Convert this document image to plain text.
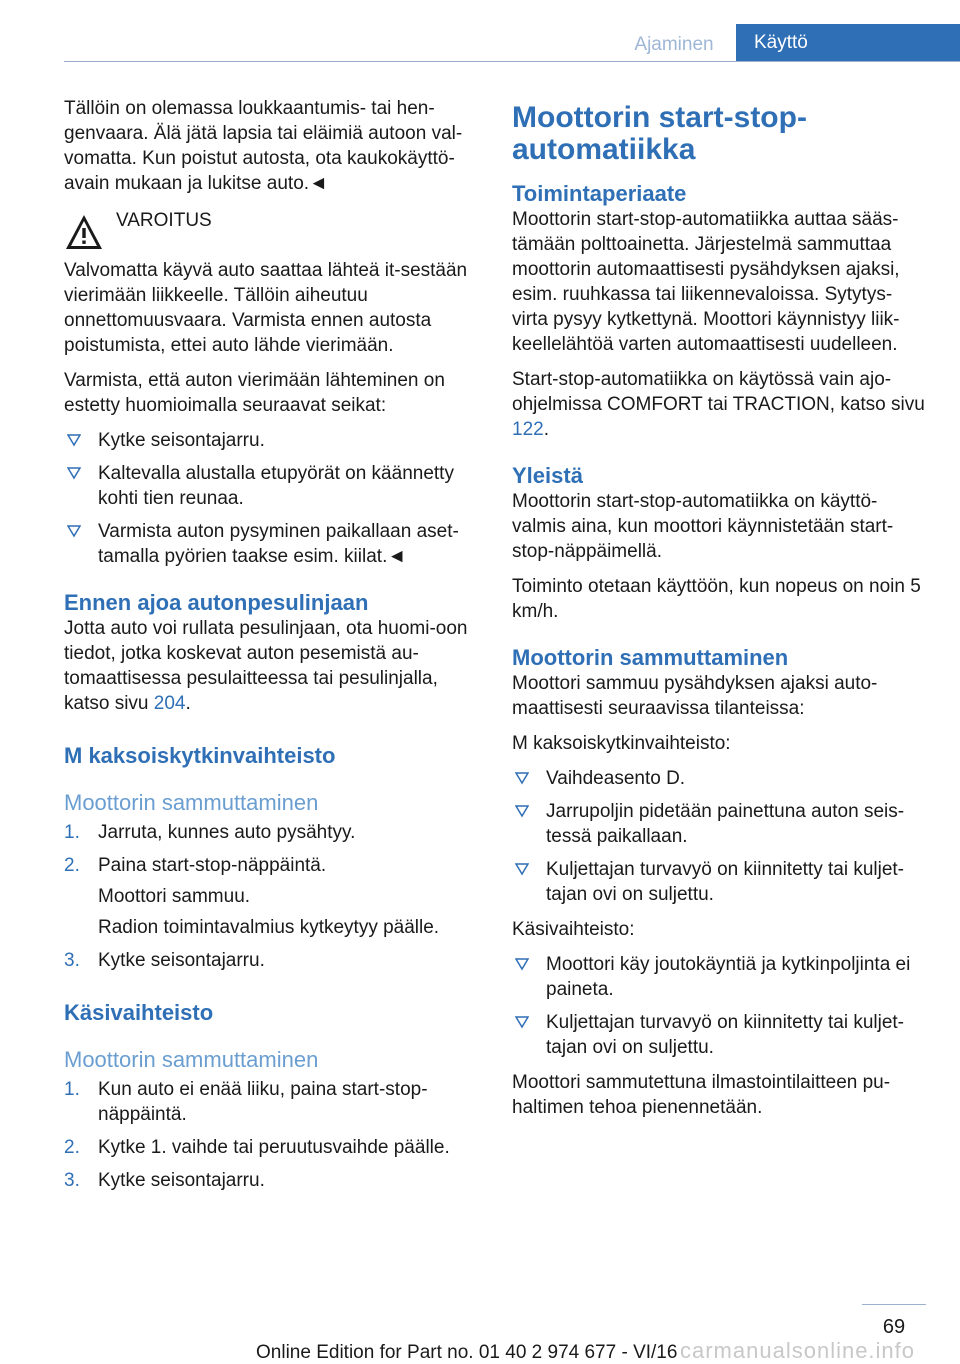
Ajaminen	Käyttö

Tällöin on olemassa loukkaantumis- tai hen-genvaara. Älä jätä lapsia tai eläimiä autoon val-vomatta. Kun poistut autosta, ota kaukokäyttö-avain mukaan ja lukitse auto.◄

VAROITUS

Valvomatta käyvä auto saattaa lähteä it-sestään vierimään liikkeelle. Tällöin aiheutuu onnettomuusvaara. Varmista ennen autosta poistumista, ettei auto lähde vierimään.

Varmista, että auton vierimään lähteminen on estetty huomioimalla seuraavat seikat:

Kytke seisontajarru.
Kaltevalla alustalla etupyörät on käännetty kohti tien reunaa.
Varmista auton pysyminen paikallaan aset-tamalla pyörien taakse esim. kiilat.◄
Ennen ajoa autonpesulinjaan

Jotta auto voi rullata pesulinjaan, ota huomi-oon tiedot, jotka koskevat auton pesemistä au-tomaattisessa pesulaitteessa tai pesulinjalla, katso sivu 204.

M kaksoiskytkinvaihteisto
Moottorin sammuttaminen
1. Jarruta, kunnes auto pysähtyy.
2. Paina start-stop-näppäintä.
Moottori sammuu.
Radion toimintavalmius kytkeytyy päälle.
3. Kytke seisontajarru.
Käsivaihteisto
Moottorin sammuttaminen
1. Kun auto ei enää liiku, paina start-stop-näppäintä.
2. Kytke 1. vaihde tai peruutusvaihde päälle.
3. Kytke seisontajarru.
Moottorin start-stop-automatiikka
Toimintaperiaate

Moottorin start-stop-automatiikka auttaa sääs-tämään polttoainetta. Järjestelmä sammuttaa moottorin automaattisesti pysähdyksen ajaksi, esim. ruuhkassa tai liikennevaloissa. Sytytys-virta pysyy kytkettynä. Moottori käynnistyy liik-keellelähtöä varten automaattisesti uudelleen.

Start-stop-automatiikka on käytössä vain ajo-ohjelmissa COMFORT tai TRACTION, katso sivu 122.

Yleistä

Moottorin start-stop-automatiikka on käyttö-valmis aina, kun moottori käynnistetään start-stop-näppäimellä.

Toiminto otetaan käyttöön, kun nopeus on noin 5 km/h.

Moottorin sammuttaminen

Moottori sammuu pysähdyksen ajaksi auto-maattisesti seuraavissa tilanteissa:

M kaksoiskytkinvaihteisto:

Vaihdeasento D.
Jarrupoljin pidetään painettuna auton seis-tessä paikallaan.
Kuljettajan turvavyö on kiinnitetty tai kuljet-tajan ovi on suljettu.

Käsivaihteisto:

Moottori käy joutokäyntiä ja kytkinpoljinta ei paineta.
Kuljettajan turvavyö on kiinnitetty tai kuljet-tajan ovi on suljettu.

Moottori sammutettuna ilmastointilaitteen pu-haltimen tehoa pienennetään.

69
carmanualsonline.info
Online Edition for Part no. 01 40 2 974 677 - VI/16
